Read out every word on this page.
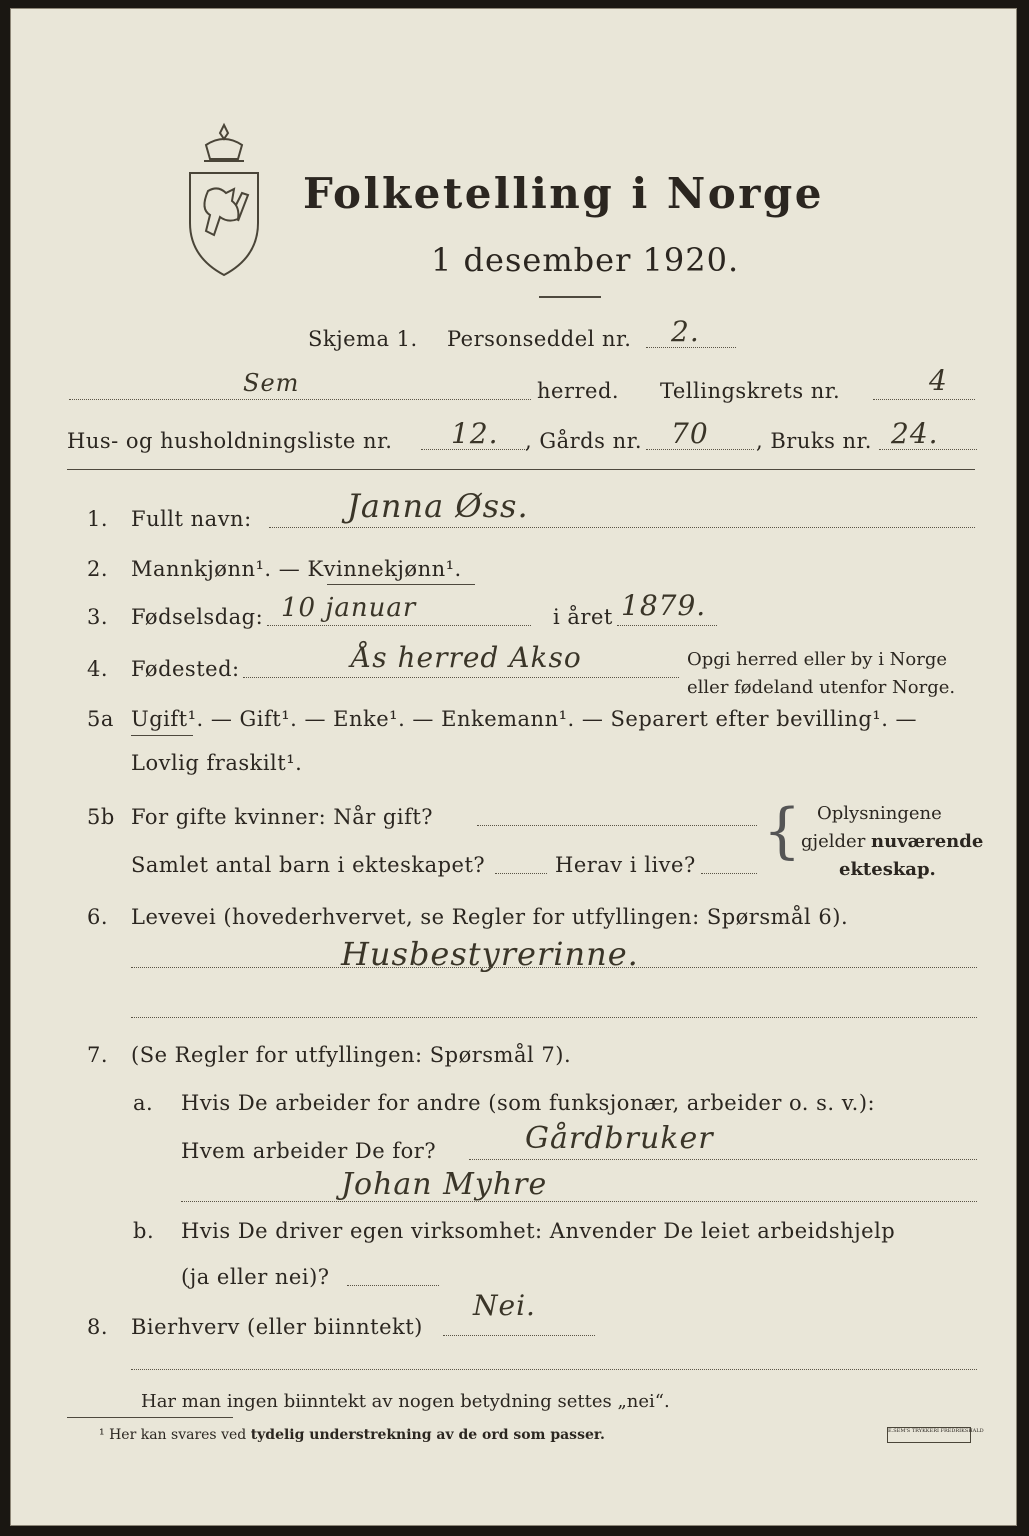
Folketelling i Norge
1 desember 1920.
Skjema 1. Personseddel nr. 2.
Sem	herred. Tellingskrets nr.	4
Hus- og husholdningsliste nr. 12. , Gårds nr. 70 , Bruks nr. 24.
1. Fullt navn:	Janna Øss.
2. Mannkjønn¹. — Kvinnekjønn¹.
3. Fødselsdag: 10 januar	i året 1879.
4. Fødested:	Ås herred Akso	Opgi herred eller by i Norge
eller fødeland utenfor Norge.
5a Ugift¹. — Gift¹. — Enke¹. — Enkemann¹. — Separert efter bevilling¹. —
Lovlig fraskilt¹.
5b For gifte kvinner: Når gift?
Samlet antal barn i ekteskapet?	Herav i live? { Oplysningene
gjelder nuværende
ekteskap.
6. Levevei (hovederhvervet, se Regler for utfyllingen: Spørsmål 6).
Husbestyrerinne.
7. (Se Regler for utfyllingen: Spørsmål 7).
a. Hvis De arbeider for andre (som funksjonær, arbeider o. s. v.):
Hvem arbeider De for?	Gårdbruker
Johan Myhre
b. Hvis De driver egen virksomhet: Anvender De leiet arbeidshjelp
(ja eller nei)?
8. Bierhverv (eller biinntekt)
Nei.
Har man ingen biinntekt av nogen betydning settes „nei“.
¹ Her kan svares ved tydelig understrekning av de ord som passer.	E.SEM'S TRYKKERI FREDRIKSHALD
